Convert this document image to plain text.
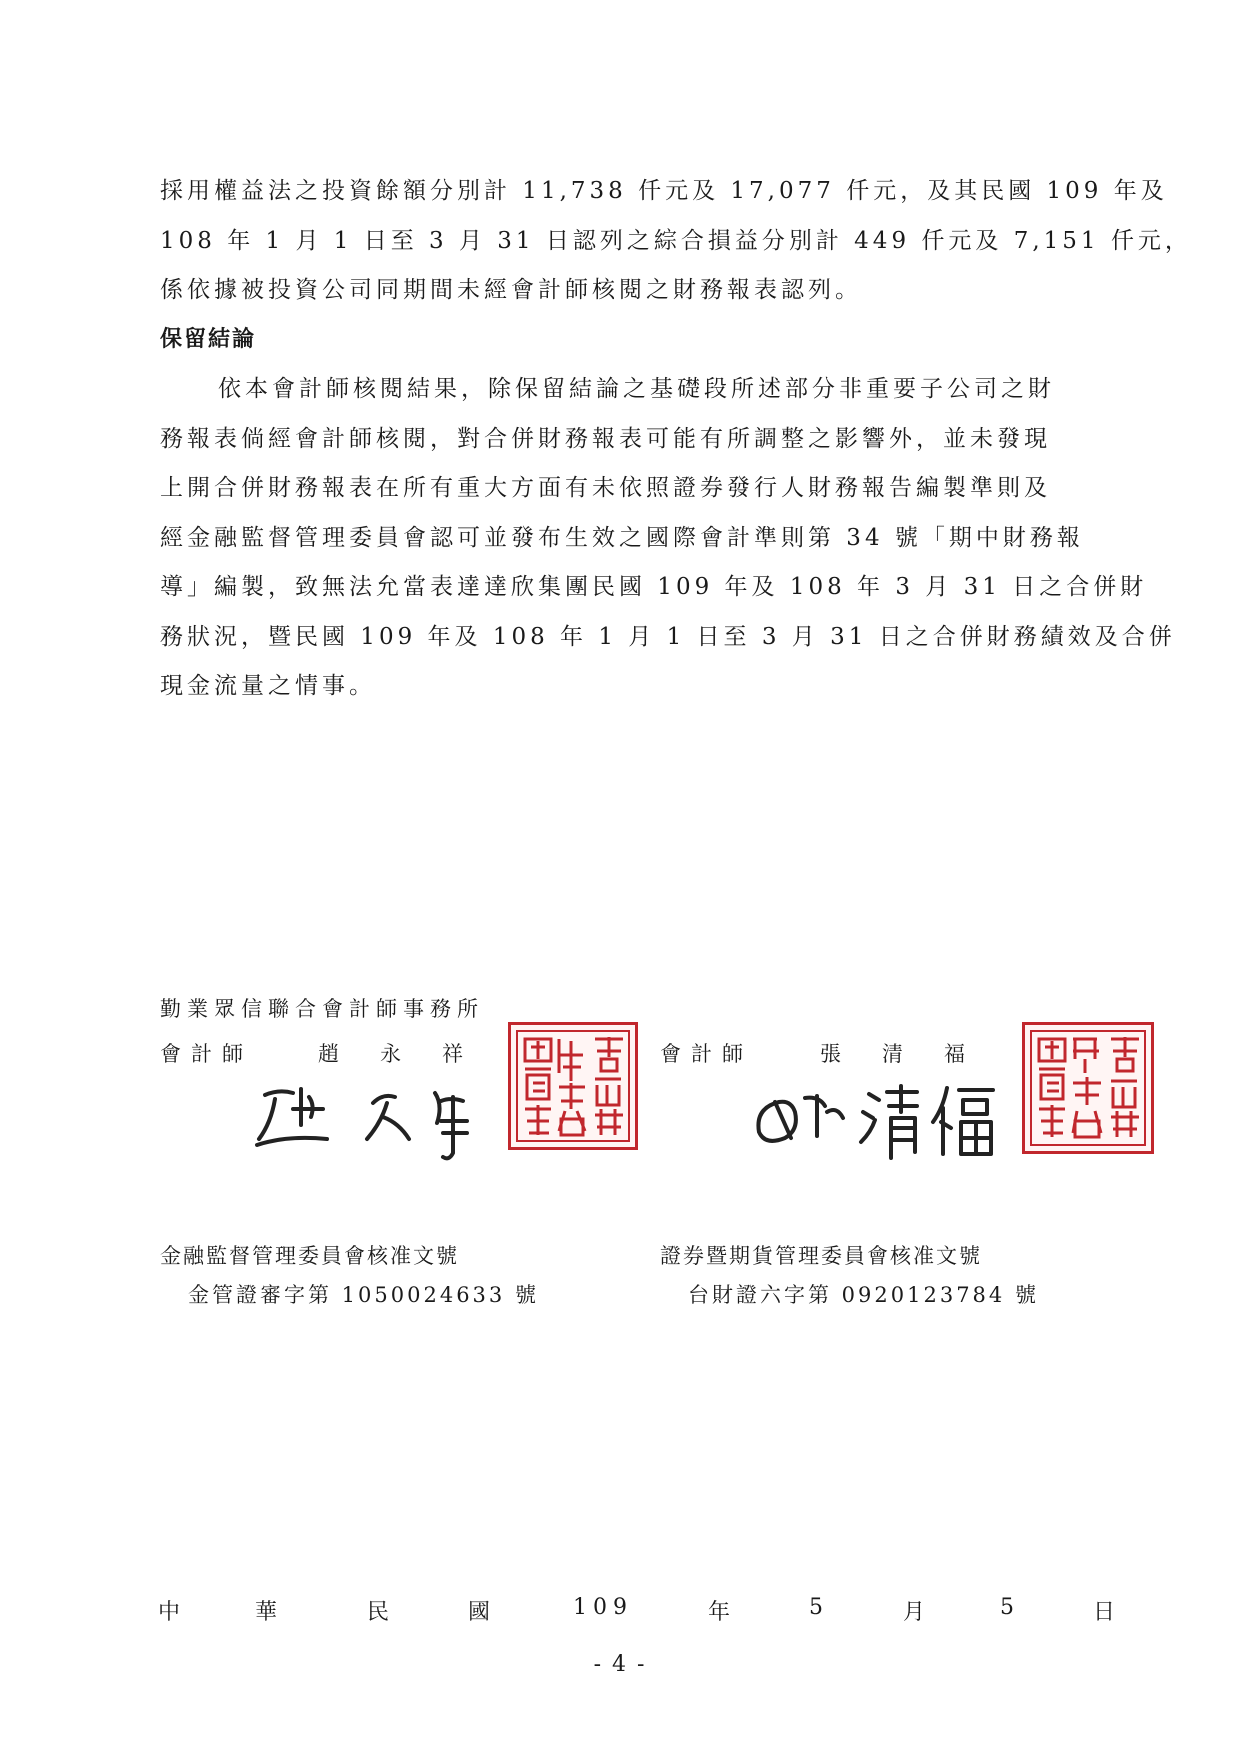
採用權益法之投資餘額分別計 11,738 仟元及 17,077 仟元，及其民國 109 年及
108 年 1 月 1 日至 3 月 31 日認列之綜合損益分別計 449 仟元及 7,151 仟元，
係依據被投資公司同期間未經會計師核閱之財務報表認列。
保留結論
依本會計師核閱結果，除保留結論之基礎段所述部分非重要子公司之財
務報表倘經會計師核閱，對合併財務報表可能有所調整之影響外，並未發現
上開合併財務報表在所有重大方面有未依照證券發行人財務報告編製準則及
經金融監督管理委員會認可並發布生效之國際會計準則第 34 號「期中財務報
導」編製，致無法允當表達達欣集團民國 109 年及 108 年 3 月 31 日之合併財
務狀況，暨民國 109 年及 108 年 1 月 1 日至 3 月 31 日之合併財務績效及合併
現金流量之情事。
勤業眾信聯合會計師事務所
會計師	趙 永 祥	會計師	張 清 福
金融監督管理委員會核准文號
金管證審字第 1050024633 號
證券暨期貨管理委員會核准文號
台財證六字第 0920123784 號
中	華	民	國	109	年	5	月	5	日
- 4 -
